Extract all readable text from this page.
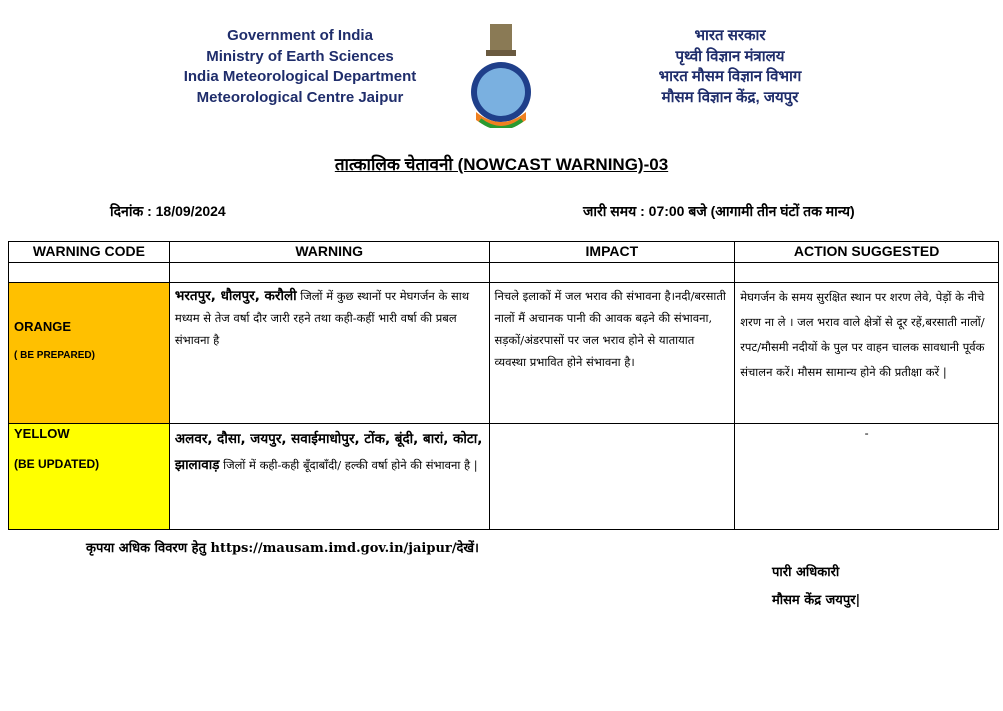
Government of India
Ministry of Earth Sciences
India Meteorological Department
Meteorological Centre Jaipur
भारत सरकार
पृथ्वी विज्ञान मंत्रालय
भारत मौसम विज्ञान विभाग
मौसम विज्ञान केंद्र, जयपुर
तात्कालिक चेतावनी (NOWCAST WARNING)-03
दिनांक : 18/09/2024	जारी समय : 07:00 बजे (आगामी तीन घंटों तक मान्य)
WARNING CODE	WARNING	IMPACT	ACTION SUGGESTED

ORANGE
( BE PREPARED)	भरतपुर, धौलपुर, करौली जिलों में कुछ स्थानों पर मेघगर्जन के साथ मध्यम से तेज वर्षा दौर जारी रहने तथा कही-कहीं भारी वर्षा की प्रबल संभावना है	निचले इलाकों में जल भराव की संभावना है।नदी/बरसाती नालों मैं अचानक पानी की आवक बढ़ने की संभावना, सड़कों/अंडरपासों पर जल भराव होने से यातायात व्यवस्था प्रभावित होने संभावना है।	मेघगर्जन के समय सुरक्षित स्थान पर शरण लेवे, पेड़ों के नीचे शरण ना ले । जल भराव वाले क्षेत्रों से दूर रहें,बरसाती नालों/रपट/मौसमी नदीयों के पुल पर वाहन चालक सावधानी पूर्वक संचालन करें। मौसम सामान्य होने की प्रतीक्षा करें |

YELLOW
(BE UPDATED)	अलवर, दौसा, जयपुर, सवाईमाधोपुर, टोंक, बूंदी, बारां, कोटा, झालावाड़ जिलों में कही-कही बूँदाबाँदी/ हल्की वर्षा होने की संभावना है |		-
कृपया अधिक विवरण हेतु https://mausam.imd.gov.in/jaipur/देखें।
पारी अधिकारी
मौसम केंद्र जयपुर|
